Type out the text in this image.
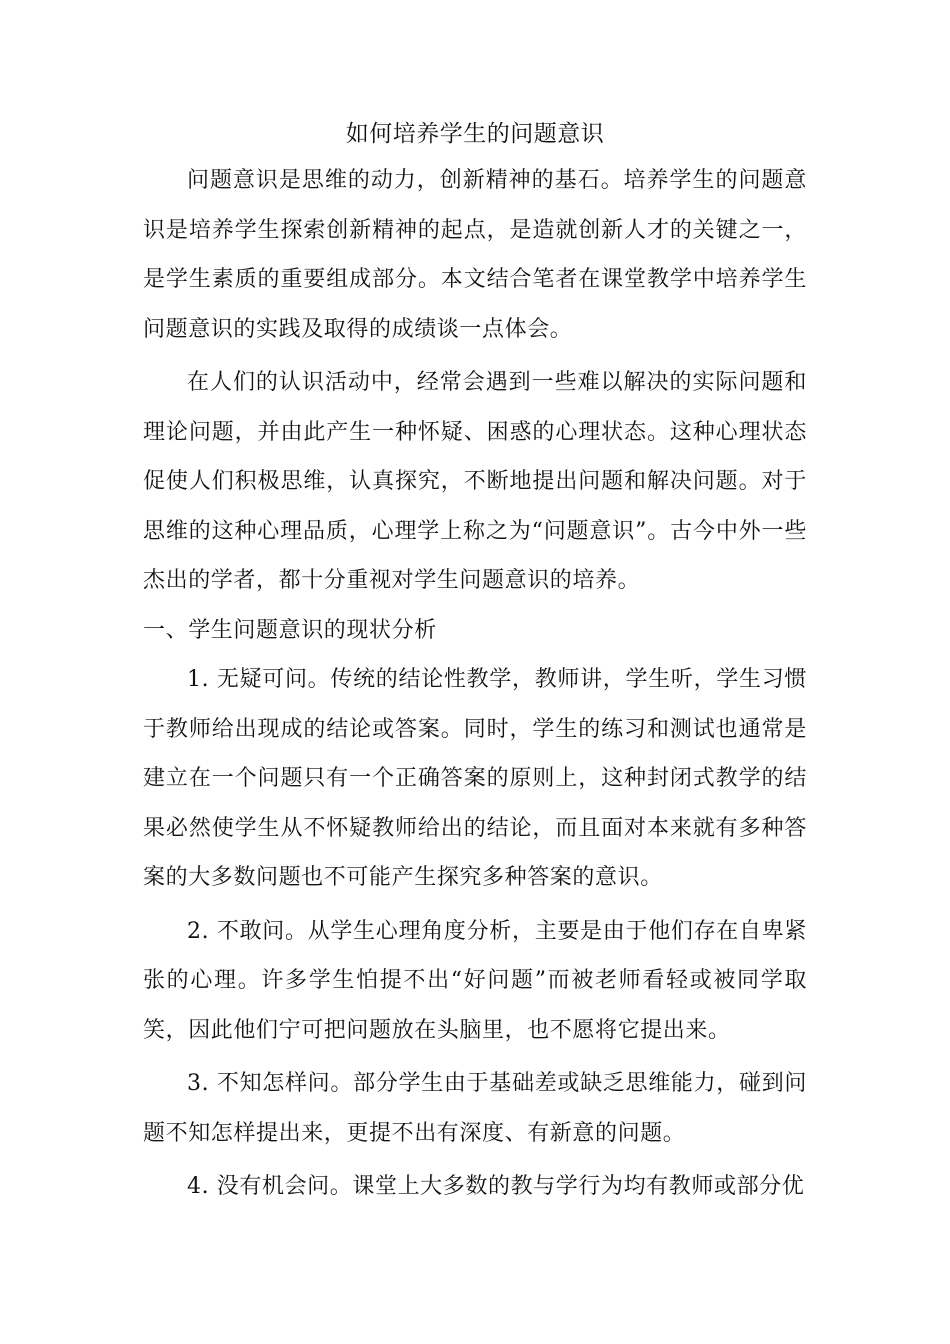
如何培养学生的问题意识

问题意识是思维的动力，创新精神的基石。培养学生的问题意识是培养学生探索创新精神的起点，是造就创新人才的关键之一，是学生素质的重要组成部分。本文结合笔者在课堂教学中培养学生问题意识的实践及取得的成绩谈一点体会。

在人们的认识活动中，经常会遇到一些难以解决的实际问题和理论问题，并由此产生一种怀疑、困惑的心理状态。这种心理状态促使人们积极思维，认真探究，不断地提出问题和解决问题。对于思维的这种心理品质，心理学上称之为“问题意识”。古今中外一些杰出的学者，都十分重视对学生问题意识的培养。

一、学生问题意识的现状分析

1. 无疑可问。传统的结论性教学，教师讲，学生听，学生习惯于教师给出现成的结论或答案。同时，学生的练习和测试也通常是建立在一个问题只有一个正确答案的原则上，这种封闭式教学的结果必然使学生从不怀疑教师给出的结论，而且面对本来就有多种答案的大多数问题也不可能产生探究多种答案的意识。

2. 不敢问。从学生心理角度分析，主要是由于他们存在自卑紧张的心理。许多学生怕提不出“好问题”而被老师看轻或被同学取笑，因此他们宁可把问题放在头脑里，也不愿将它提出来。

3. 不知怎样问。部分学生由于基础差或缺乏思维能力，碰到问题不知怎样提出来，更提不出有深度、有新意的问题。

4. 没有机会问。课堂上大多数的教与学行为均有教师或部分优
